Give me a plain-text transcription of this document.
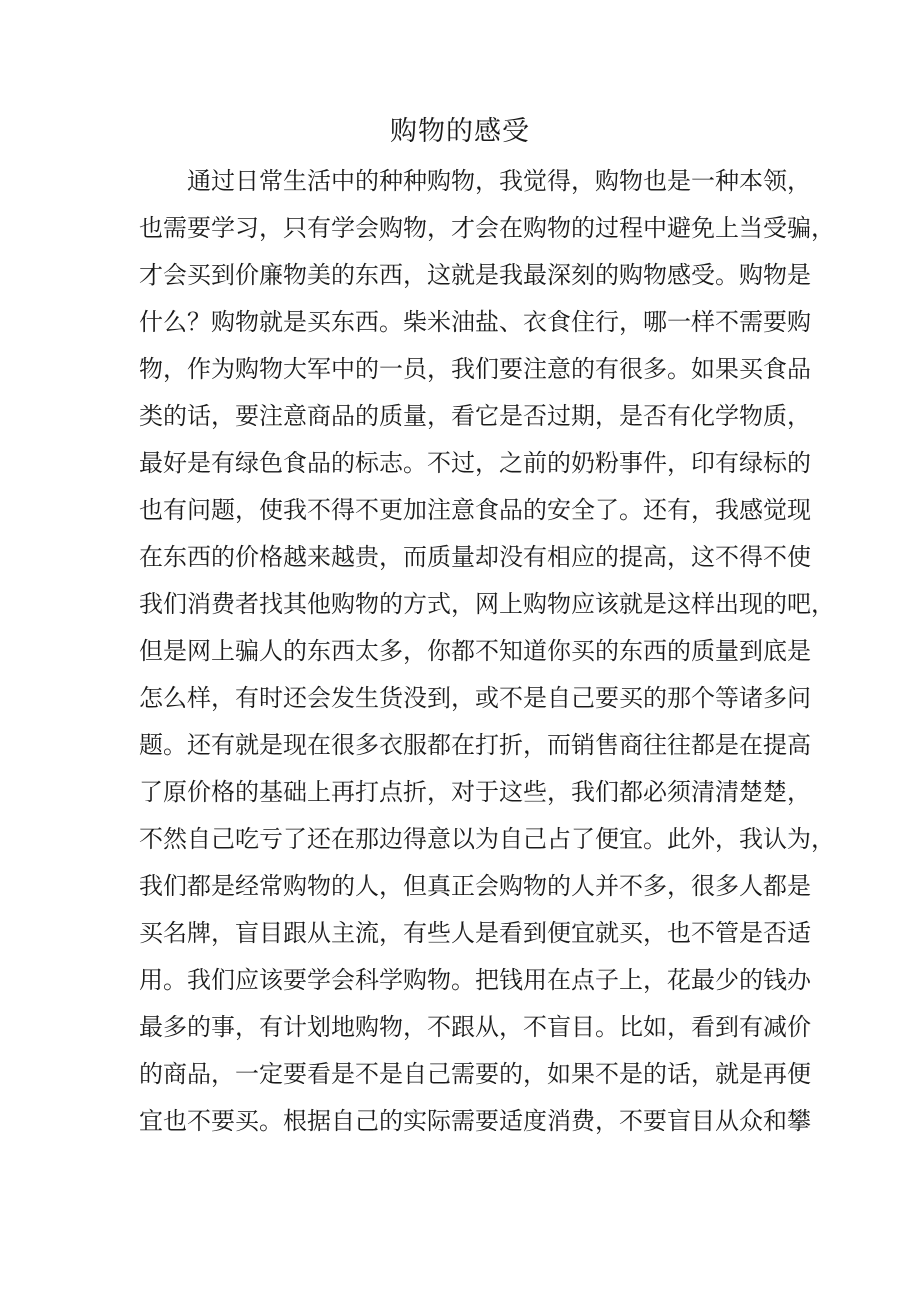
购物的感受
通过日常生活中的种种购物，我觉得，购物也是一种本领，
也需要学习，只有学会购物，才会在购物的过程中避免上当受骗，
才会买到价廉物美的东西，这就是我最深刻的购物感受。购物是
什么？购物就是买东西。柴米油盐、衣食住行，哪一样不需要购
物，作为购物大军中的一员，我们要注意的有很多。如果买食品
类的话，要注意商品的质量，看它是否过期，是否有化学物质，
最好是有绿色食品的标志。不过，之前的奶粉事件，印有绿标的
也有问题，使我不得不更加注意食品的安全了。还有，我感觉现
在东西的价格越来越贵，而质量却没有相应的提高，这不得不使
我们消费者找其他购物的方式，网上购物应该就是这样出现的吧，
但是网上骗人的东西太多，你都不知道你买的东西的质量到底是
怎么样，有时还会发生货没到，或不是自己要买的那个等诸多问
题。还有就是现在很多衣服都在打折，而销售商往往都是在提高
了原价格的基础上再打点折，对于这些，我们都必须清清楚楚，
不然自己吃亏了还在那边得意以为自己占了便宜。此外，我认为，
我们都是经常购物的人，但真正会购物的人并不多，很多人都是
买名牌，盲目跟从主流，有些人是看到便宜就买，也不管是否适
用。我们应该要学会科学购物。把钱用在点子上，花最少的钱办
最多的事，有计划地购物，不跟从，不盲目。比如，看到有减价
的商品，一定要看是不是自己需要的，如果不是的话，就是再便
宜也不要买。根据自己的实际需要适度消费，不要盲目从众和攀
